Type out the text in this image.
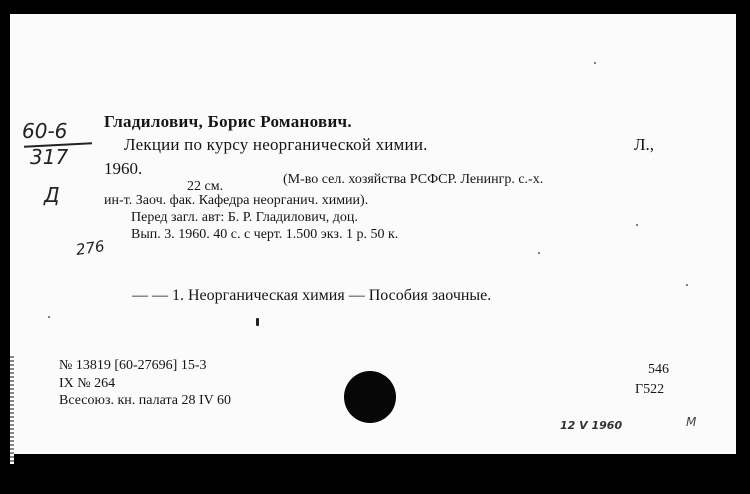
60-6
317
Д
276
Гладилович, Борис Романович.
Лекции по курсу неорганической химии.	Л.,
1960.
22 см.	(М-во сел. хозяйства РСФСР. Ленингр. с.-х.
ин-т. Заоч. фак. Кафедра неорганич. химии).
Перед загл. авт: Б. Р. Гладилович, доц.
Вып. 3. 1960. 40 с. с черт. 1.500 экз. 1 р. 50 к.
— — 1. Неорганическая химия — Пособия заочные.
№ 13819 [60-27696] 15-3
IX № 264
Всесоюз. кн. палата 28 IV 60
546
Г522
12 V 1960	M
